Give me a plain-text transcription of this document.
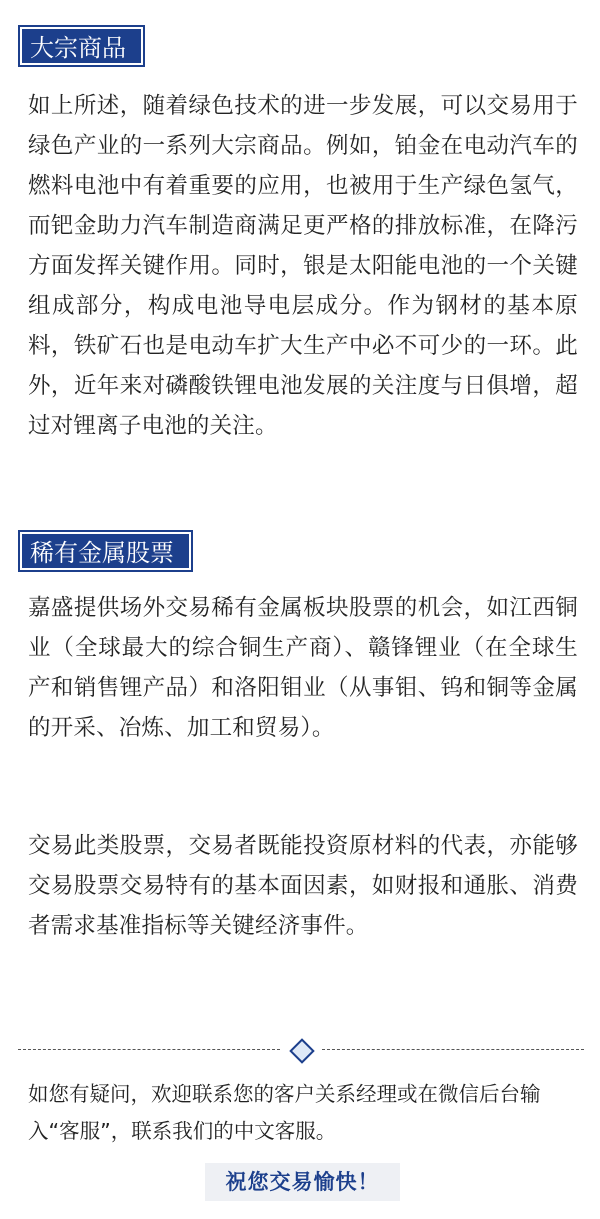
大宗商品

如上所述，随着绿色技术的进一步发展，可以交易用于绿色产业的一系列大宗商品。例如，铂金在电动汽车的燃料电池中有着重要的应用，也被用于生产绿色氢气，而钯金助力汽车制造商满足更严格的排放标准，在降污方面发挥关键作用。同时，银是太阳能电池的一个关键组成部分，构成电池导电层成分。作为钢材的基本原料，铁矿石也是电动车扩大生产中必不可少的一环。此外，近年来对磷酸铁锂电池发展的关注度与日俱增，超过对锂离子电池的关注。

稀有金属股票

嘉盛提供场外交易稀有金属板块股票的机会，如江西铜业（全球最大的综合铜生产商）、赣锋锂业（在全球生产和销售锂产品）和洛阳钼业（从事钼、钨和铜等金属的开采、冶炼、加工和贸易）。

交易此类股票，交易者既能投资原材料的代表，亦能够交易股票交易特有的基本面因素，如财报和通胀、消费者需求基准指标等关键经济事件。

如您有疑问，欢迎联系您的客户关系经理或在微信后台输入“客服”，联系我们的中文客服。

祝您交易愉快！
